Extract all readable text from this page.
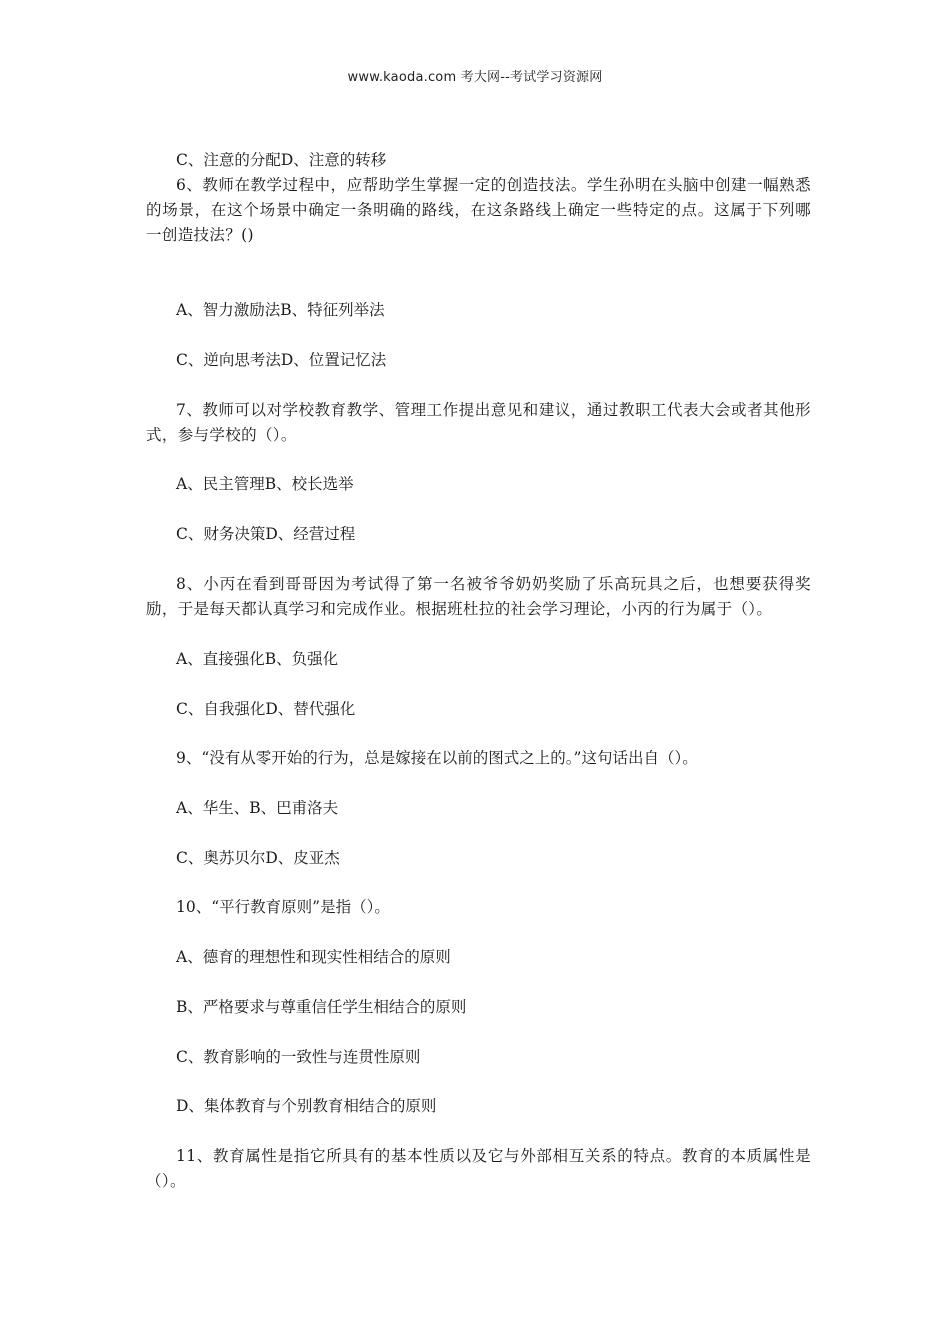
www.kaoda.com 考大网--考试学习资源网
C、注意的分配D、注意的转移
6、教师在教学过程中，应帮助学生掌握一定的创造技法。学生孙明在头脑中创建一幅熟悉的场景，在这个场景中确定一条明确的路线，在这条路线上确定一些特定的点。这属于下列哪一创造技法？()
A、智力激励法B、特征列举法
C、逆向思考法D、位置记忆法
7、教师可以对学校教育教学、管理工作提出意见和建议，通过教职工代表大会或者其他形式，参与学校的（）。
A、民主管理B、校长选举
C、财务决策D、经营过程
8、小丙在看到哥哥因为考试得了第一名被爷爷奶奶奖励了乐高玩具之后，也想要获得奖励，于是每天都认真学习和完成作业。根据班杜拉的社会学习理论，小丙的行为属于（）。
A、直接强化B、负强化
C、自我强化D、替代强化
9、“没有从零开始的行为，总是嫁接在以前的图式之上的。”这句话出自（）。
A、华生、B、巴甫洛夫
C、奥苏贝尔D、皮亚杰
10、“平行教育原则”是指（）。
A、德育的理想性和现实性相结合的原则
B、严格要求与尊重信任学生相结合的原则
C、教育影响的一致性与连贯性原则
D、集体教育与个别教育相结合的原则
11、教育属性是指它所具有的基本性质以及它与外部相互关系的特点。教育的本质属性是（）。
